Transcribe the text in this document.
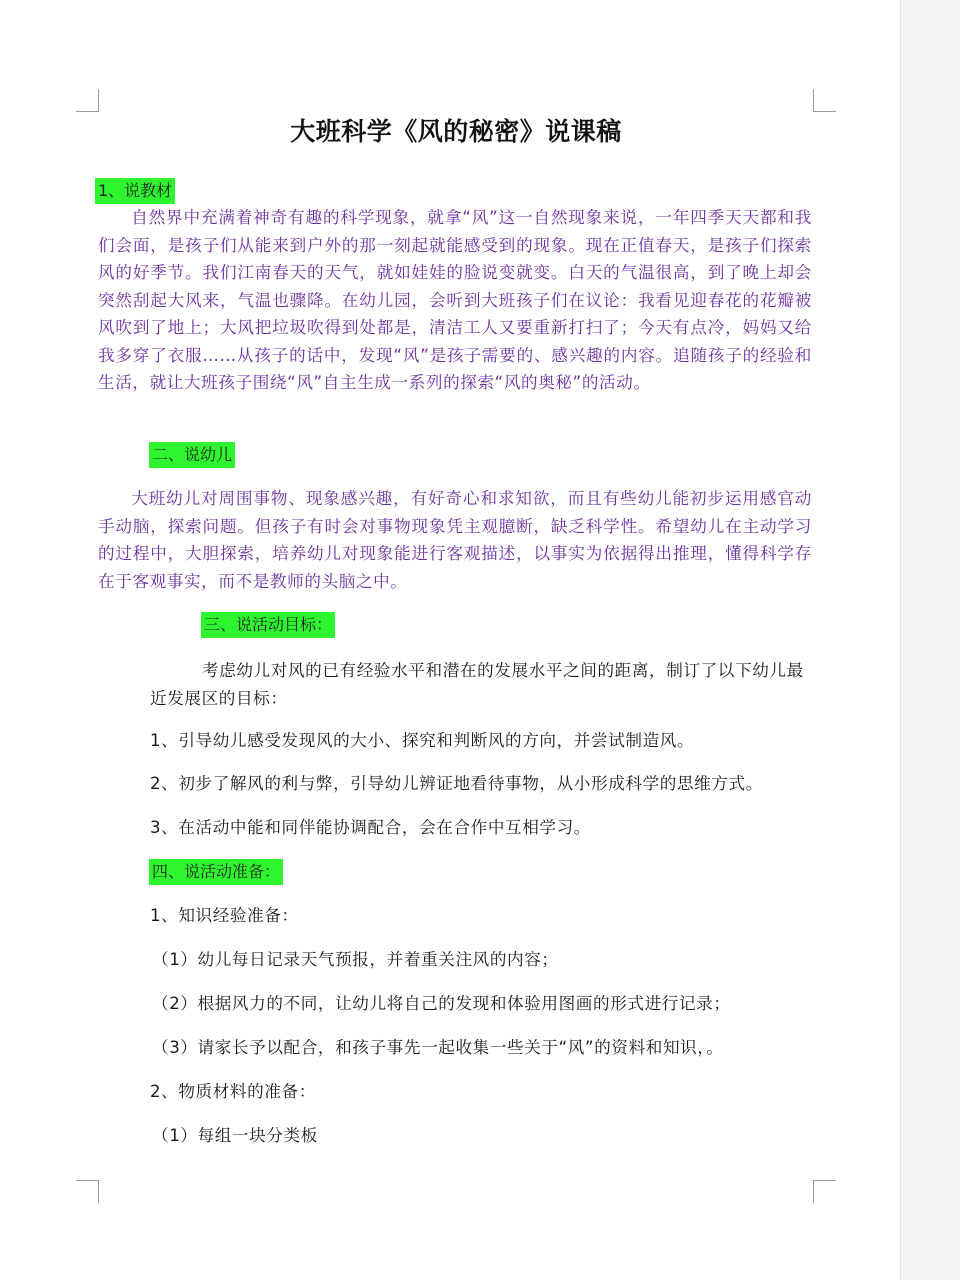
大班科学《风的秘密》说课稿
1、说教材

自然界中充满着神奇有趣的科学现象，就拿“风”这一自然现象来说，一年四季天天都和我们会面，是孩子们从能来到户外的那一刻起就能感受到的现象。现在正值春天，是孩子们探索风的好季节。我们江南春天的天气，就如娃娃的脸说变就变。白天的气温很高，到了晚上却会突然刮起大风来，气温也骤降。在幼儿园，会听到大班孩子们在议论：我看见迎春花的花瓣被风吹到了地上；大风把垃圾吹得到处都是，清洁工人又要重新打扫了；今天有点冷，妈妈又给我多穿了衣服……从孩子的话中，发现“风”是孩子需要的、感兴趣的内容。追随孩子的经验和生活，就让大班孩子围绕“风”自主生成一系列的探索“风的奥秘”的活动。

二、说幼儿

大班幼儿对周围事物、现象感兴趣，有好奇心和求知欲，而且有些幼儿能初步运用感官动手动脑，探索问题。但孩子有时会对事物现象凭主观臆断，缺乏科学性。希望幼儿在主动学习的过程中，大胆探索，培养幼儿对现象能进行客观描述，以事实为依据得出推理，懂得科学存在于客观事实，而不是教师的头脑之中。

三、说活动目标：

考虑幼儿对风的已有经验水平和潜在的发展水平之间的距离，制订了以下幼儿最近发展区的目标：

1、引导幼儿感受发现风的大小、探究和判断风的方向，并尝试制造风。
2、初步了解风的利与弊，引导幼儿辨证地看待事物，从小形成科学的思维方式。
3、在活动中能和同伴能协调配合，会在合作中互相学习。
四、说活动准备：
1、知识经验准备：
（1）幼儿每日记录天气预报，并着重关注风的内容；
（2）根据风力的不同，让幼儿将自己的发现和体验用图画的形式进行记录；
（3）请家长予以配合，和孩子事先一起收集一些关于“风”的资料和知识，。
2、物质材料的准备：
（1）每组一块分类板
